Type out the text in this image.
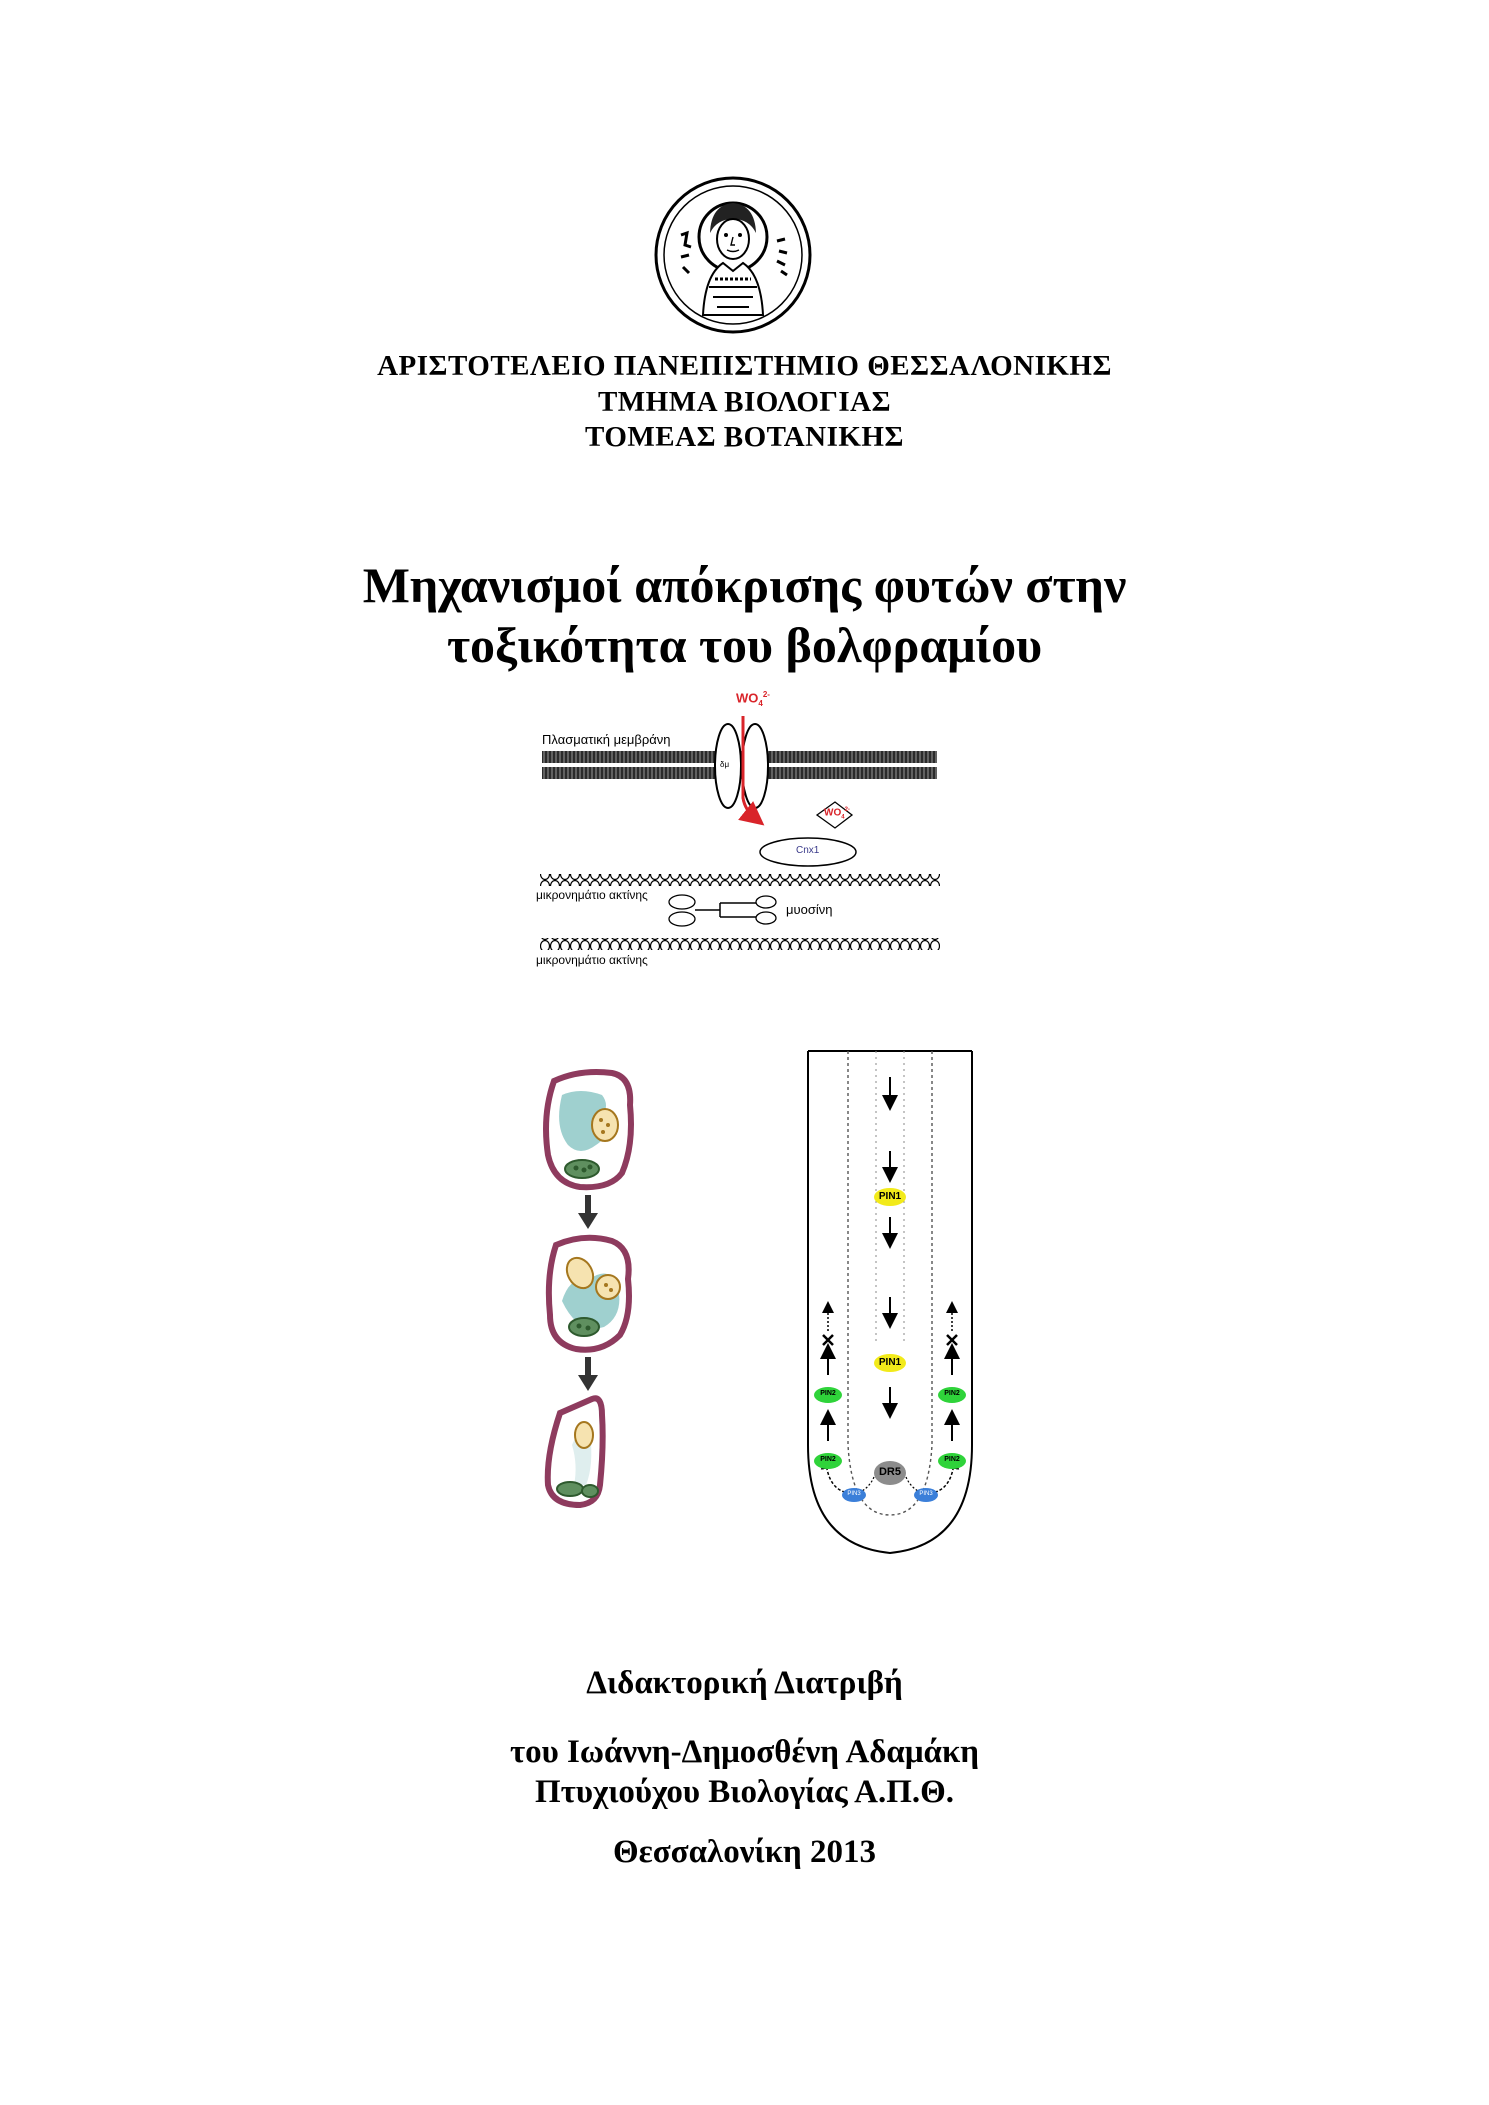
ΑΡΙΣΤΟΤΕΛΕΙΟ ΠΑΝΕΠΙΣΤΗΜΙΟ ΘΕΣΣΑΛΟΝΙΚΗΣ
ΤΜΗΜΑ ΒΙΟΛΟΓΙΑΣ
ΤΟΜΕΑΣ ΒΟΤΑΝΙΚΗΣ
Μηχανισμοί απόκρισης φυτών στην
τοξικότητα του βολφραμίου
Πλασματική μεμβράνη
$WO_4^{2-}$
δμ
$WO_4^{2-}$
Cnx1
μικρονημάτιο ακτίνης
μυοσίνη
μικρονημάτιο ακτίνης
PIN1
PIN1
PIN2
PIN2
PIN2
PIN2
PIN3	PIN3
DR5
Διδακτορική Διατριβή
του Ιωάννη-Δημοσθένη Αδαμάκη
Πτυχιούχου Βιολογίας Α.Π.Θ.
Θεσσαλονίκη 2013
